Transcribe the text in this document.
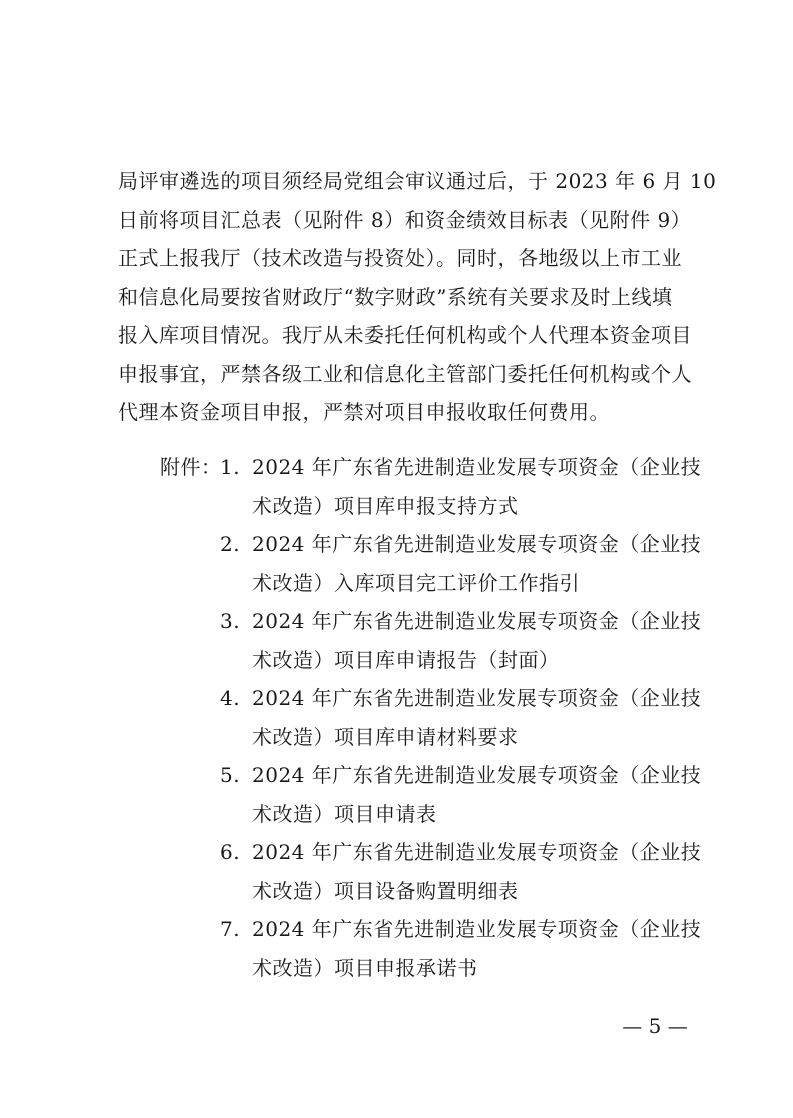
局评审遴选的项目须经局党组会审议通过后，于 2023 年 6 月 10
日前将项目汇总表（见附件 8）和资金绩效目标表（见附件 9）
正式上报我厅（技术改造与投资处）。同时，各地级以上市工业
和信息化局要按省财政厅“数字财政”系统有关要求及时上线填
报入库项目情况。我厅从未委托任何机构或个人代理本资金项目
申报事宜，严禁各级工业和信息化主管部门委托任何机构或个人
代理本资金项目申报，严禁对项目申报收取任何费用。
附件：
1. 2024 年广东省先进制造业发展专项资金（企业技
术改造）项目库申报支持方式
2. 2024 年广东省先进制造业发展专项资金（企业技
术改造）入库项目完工评价工作指引
3. 2024 年广东省先进制造业发展专项资金（企业技
术改造）项目库申请报告（封面）
4. 2024 年广东省先进制造业发展专项资金（企业技
术改造）项目库申请材料要求
5. 2024 年广东省先进制造业发展专项资金（企业技
术改造）项目申请表
6. 2024 年广东省先进制造业发展专项资金（企业技
术改造）项目设备购置明细表
7. 2024 年广东省先进制造业发展专项资金（企业技
术改造）项目申报承诺书
— 5 —
